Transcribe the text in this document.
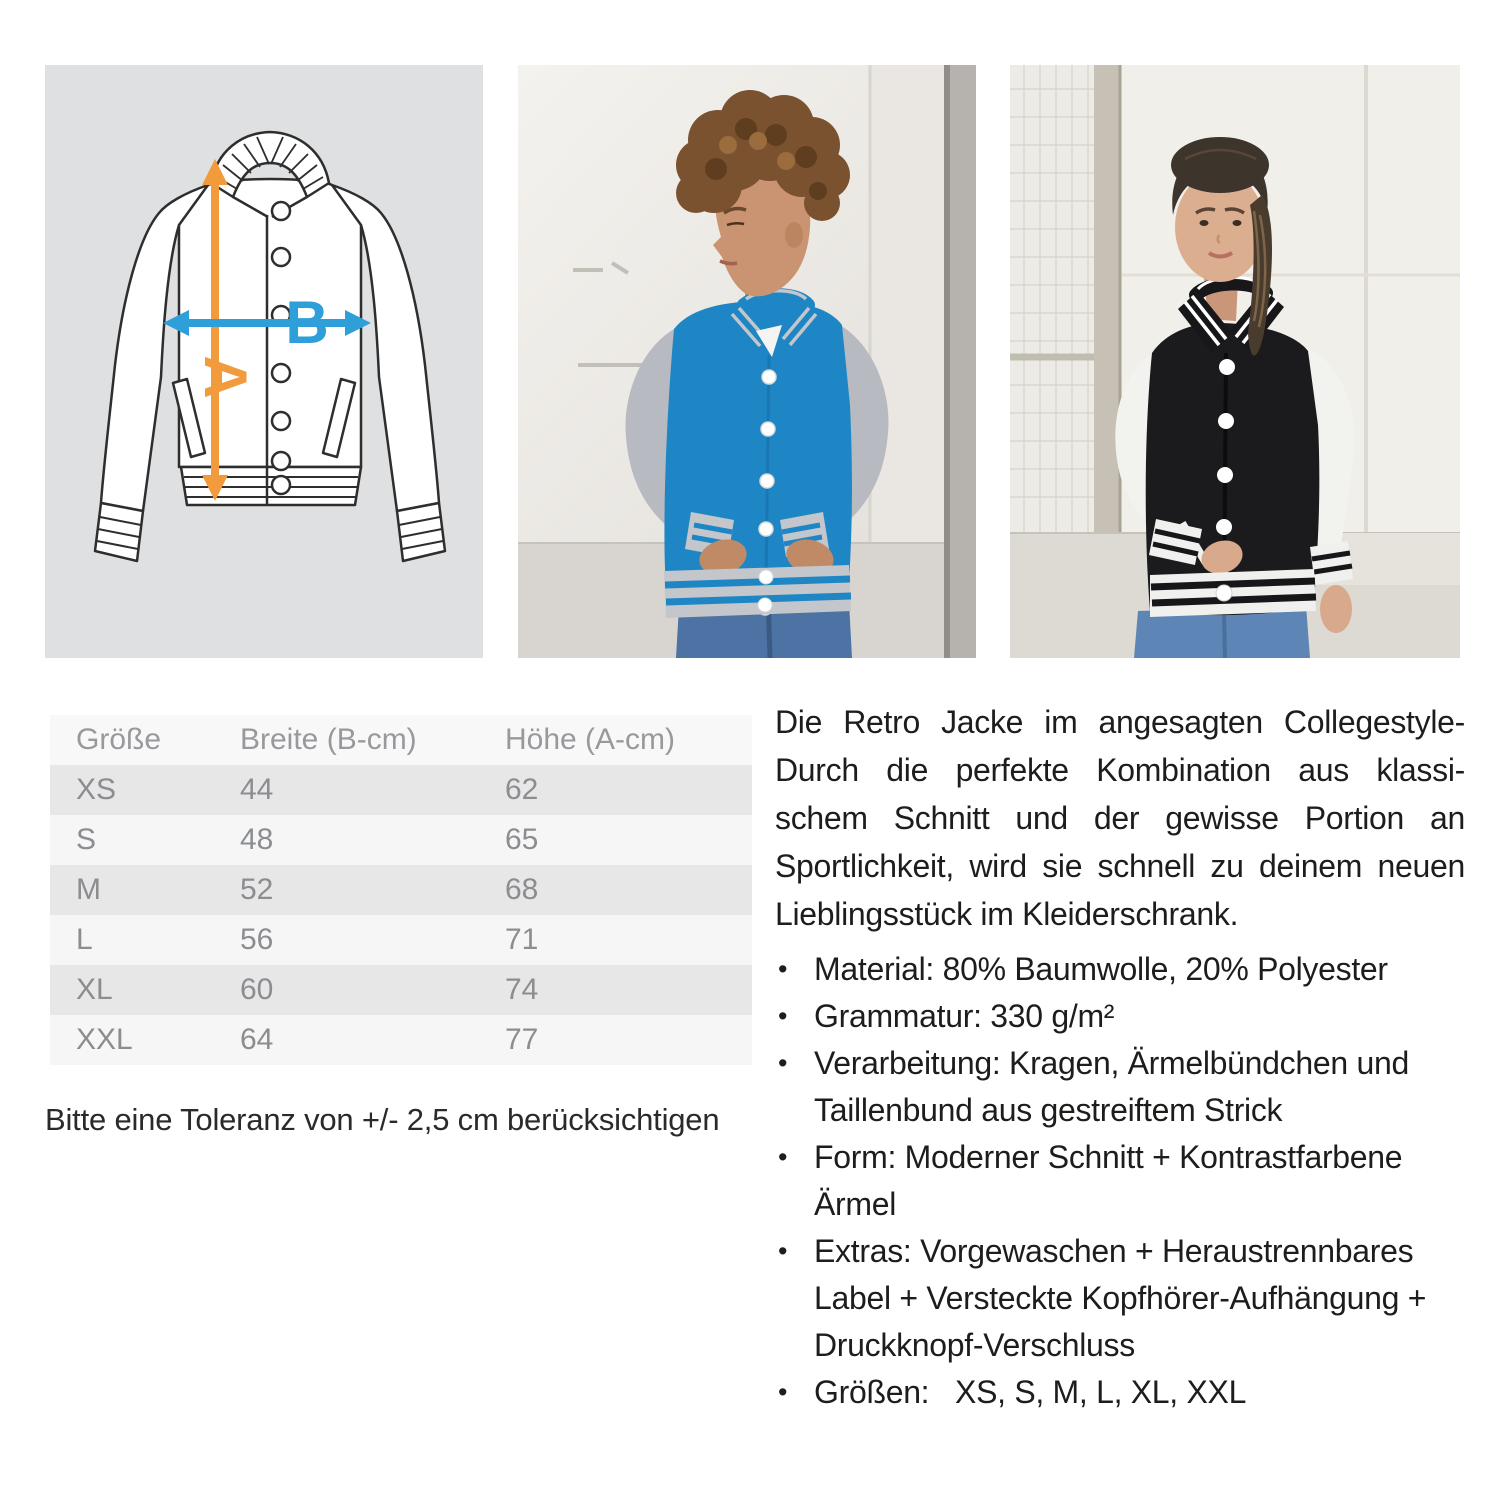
A
B
Größe	Breite (B-cm)	Höhe (A-cm)
XS	44	62
S	48	65
M	52	68
L	56	71
XL	60	74
XXL	64	77
Bitte eine Toleranz von +/- 2,5 cm berücksichtigen
Die Retro Jacke im angesagten Collegestyle-
Durch die perfekte Kombination aus klassi-
schem Schnitt und der gewisse Portion an
Sportlichkeit, wird sie schnell zu deinem neuen
Lieblingsstück im Kleiderschrank.
• Material: 80% Baumwolle, 20% Polyester
• Grammatur: 330 g/m²
• Verarbeitung: Kragen, Ärmelbündchen und Taillenbund aus gestreiftem Strick
• Form: Moderner Schnitt + Kontrastfarbene Ärmel
• Extras: Vorgewaschen + Heraustrennbares Label + Versteckte Kopfhörer-Aufhängung + Druckknopf-Verschluss
• Größen:   XS, S, M, L, XL, XXL
